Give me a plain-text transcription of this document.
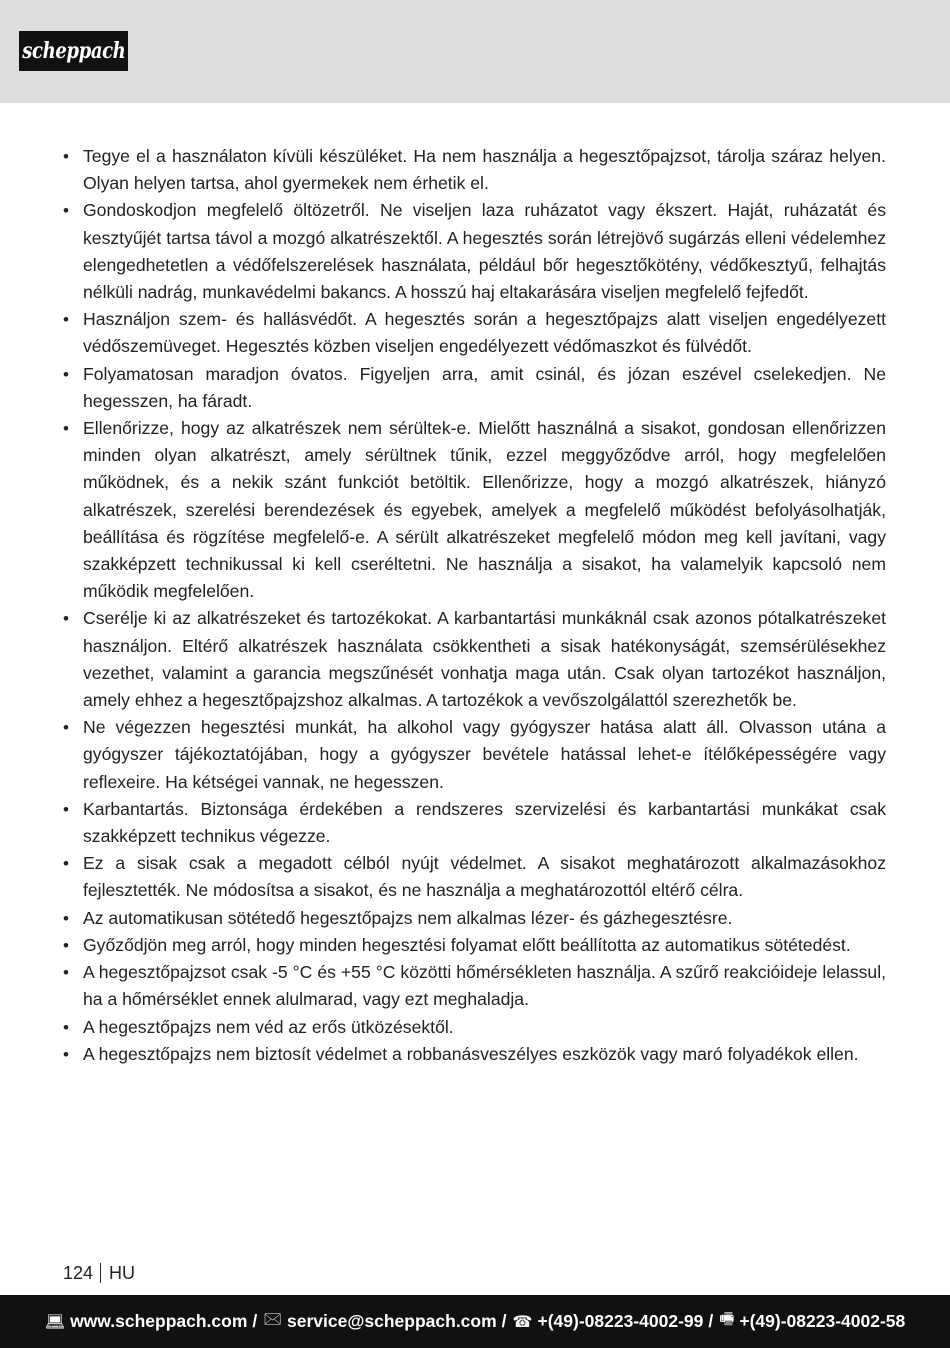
scheppach
• Tegye el a használaton kívüli készüléket. Ha nem használja a hegesztőpajzsot, tárolja száraz helyen. Olyan helyen tartsa, ahol gyermekek nem érhetik el.
• Gondoskodjon megfelelő öltözetről. Ne viseljen laza ruházatot vagy ékszert. Haját, ruházatát és kesztyűjét tartsa távol a mozgó alkatrészektől. A hegesztés során létrejövő sugárzás elleni védelemhez elengedhetetlen a védőfelszerelések használata, például bőr hegesztőkötény, védőkesztyű, felhajtás nélküli nadrág, munkavédelmi bakancs. A hosszú haj eltakarására viseljen megfelelő fejfedőt.
• Használjon szem- és hallásvédőt. A hegesztés során a hegesztőpajzs alatt viseljen engedélyezett védőszemüveget. Hegesztés közben viseljen engedélyezett védőmaszkot és fülvédőt.
• Folyamatosan maradjon óvatos. Figyeljen arra, amit csinál, és józan eszével cselekedjen. Ne hegesszen, ha fáradt.
• Ellenőrizze, hogy az alkatrészek nem sérültek-e. Mielőtt használná a sisakot, gondosan ellenőrizzen minden olyan alkatrészt, amely sérültnek tűnik, ezzel meggyőződve arról, hogy megfelelően működnek, és a nekik szánt funkciót betöltik. Ellenőrizze, hogy a mozgó alkatrészek, hiányzó alkatrészek, szerelési berendezések és egyebek, amelyek a megfelelő működést befolyásolhatják, beállítása és rögzítése megfelelő-e. A sérült alkatrészeket megfelelő módon meg kell javítani, vagy szakképzett technikussal ki kell cseréltetni. Ne használja a sisakot, ha valamelyik kapcsoló nem működik megfelelően.
• Cserélje ki az alkatrészeket és tartozékokat. A karbantartási munkáknál csak azonos pótalkatrészeket használjon. Eltérő alkatrészek használata csökkentheti a sisak hatékonyságát, szemsérülésekhez vezethet, valamint a garancia megszűnését vonhatja maga után. Csak olyan tartozékot használjon, amely ehhez a hegesztőpajzshoz alkalmas. A tartozékok a vevőszolgálattól szerezhetők be.
• Ne végezzen hegesztési munkát, ha alkohol vagy gyógyszer hatása alatt áll. Olvasson utána a gyógyszer tájékoztatójában, hogy a gyógyszer bevétele hatással lehet-e ítélőképességére vagy reflexeire. Ha kétségei vannak, ne hegesszen.
• Karbantartás. Biztonsága érdekében a rendszeres szervizelési és karbantartási munkákat csak szakképzett technikus végezze.
• Ez a sisak csak a megadott célból nyújt védelmet. A sisakot meghatározott alkalmazásokhoz fejlesztették. Ne módosítsa a sisakot, és ne használja a meghatározottól eltérő célra.
• Az automatikusan sötétedő hegesztőpajzs nem alkalmas lézer- és gázhegesztésre.
• Győződjön meg arról, hogy minden hegesztési folyamat előtt beállította az automatikus sötétedést.
• A hegesztőpajzsot csak -5 °C és +55 °C közötti hőmérsékleten használja. A szűrő reakcióideje lelassul, ha a hőmérséklet ennek alulmarad, vagy ezt meghaladja.
• A hegesztőpajzs nem véd az erős ütközésektől.
• A hegesztőpajzs nem biztosít védelmet a robbanásveszélyes eszközök vagy maró folyadékok ellen.
124 HU
💻︎ www.scheppach.com / 🖂 service@scheppach.com / ☎ +(49)-08223-4002-99 / 🖷 +(49)-08223-4002-58
